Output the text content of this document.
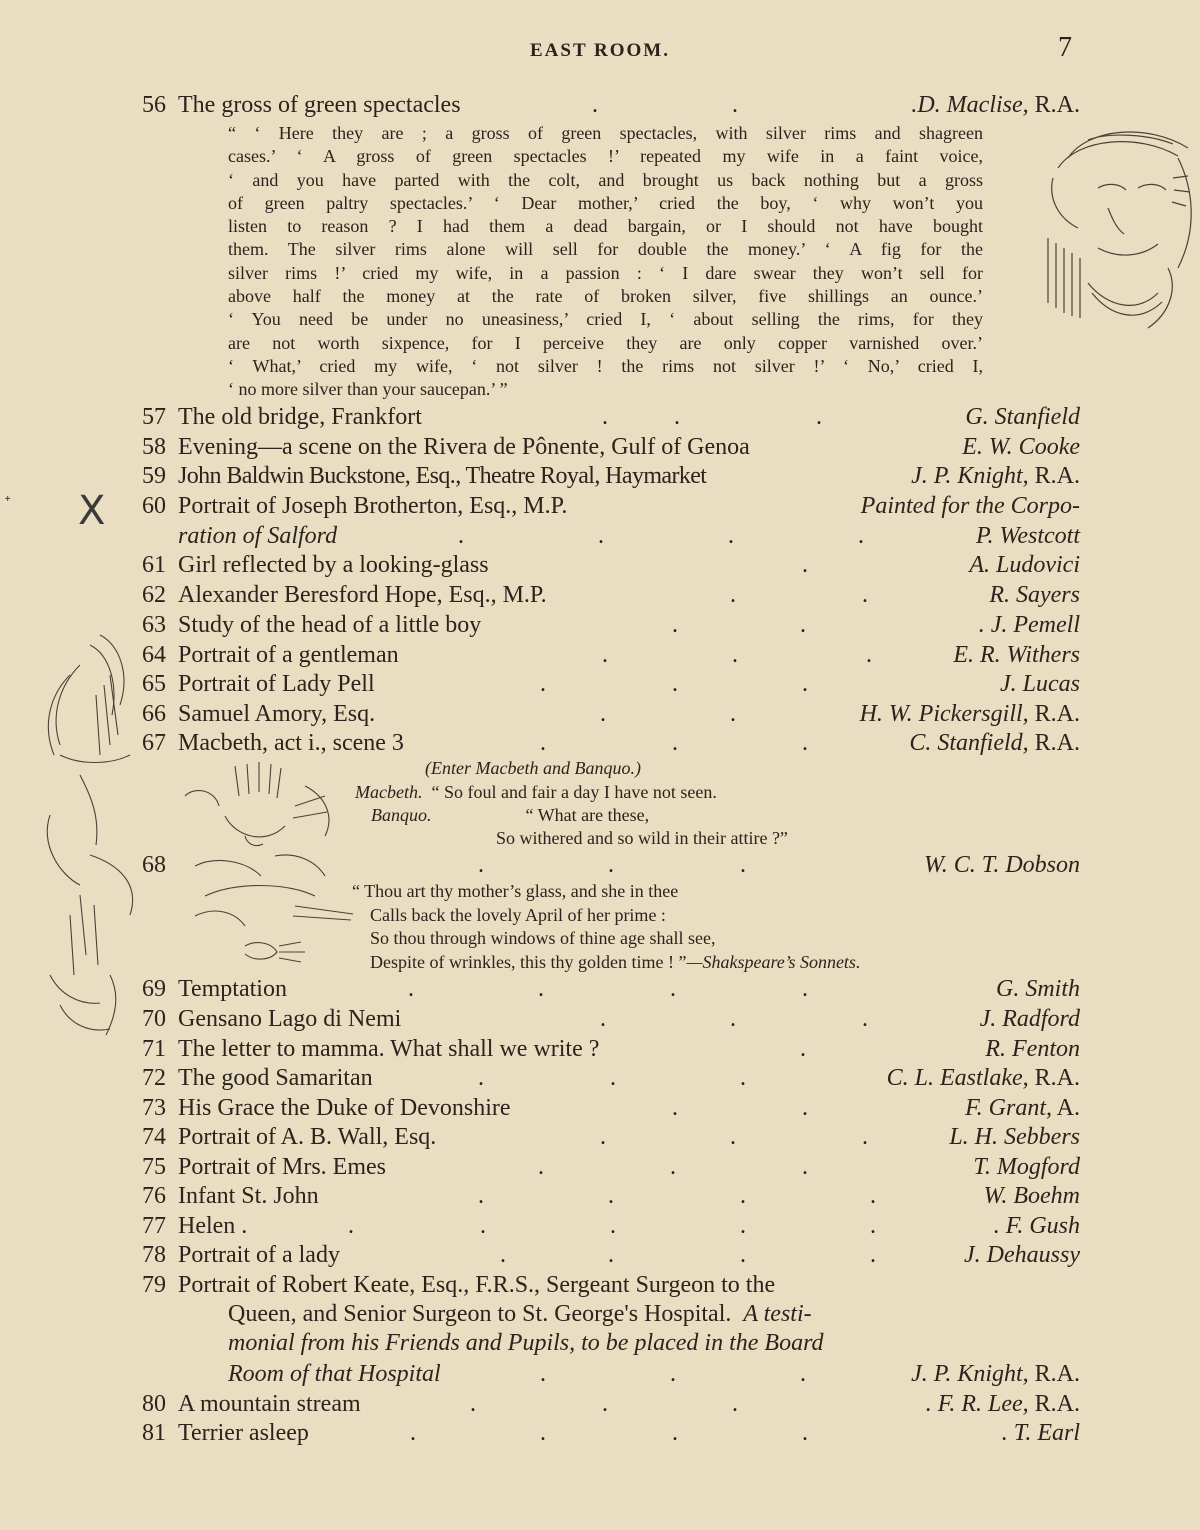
EAST ROOM.	7
56 The gross of green spectacles	.	.	.D. Maclise, R.A.
“ ‘ Here they are ; a gross of green spectacles, with silver rims and shagreen
cases.’ ‘ A gross of green spectacles !’ repeated my wife in a faint voice,
‘ and you have parted with the colt, and brought us back nothing but a gross
of green paltry spectacles.’ ‘ Dear mother,’ cried the boy, ‘ why won’t you
listen to reason ? I had them a dead bargain, or I should not have bought
them. The silver rims alone will sell for double the money.’ ‘ A fig for the
silver rims !’ cried my wife, in a passion : ‘ I dare swear they won’t sell for
above half the money at the rate of broken silver, five shillings an ounce.’
‘ You need be under no uneasiness,’ cried I, ‘ about selling the rims, for they
are not worth sixpence, for I perceive they are only copper varnished over.’
‘ What,’ cried my wife, ‘ not silver ! the rims not silver !’ ‘ No,’ cried I,
‘ no more silver than your saucepan.’ ”
57 The old bridge, Frankfort	.	.	.	G. Stanfield
58 Evening—a scene on the Rivera de Pônente, Gulf of Genoa	E. W. Cooke
59 John Baldwin Buckstone, Esq., Theatre Royal, Haymarket	J. P. Knight, R.A.
60 Portrait of Joseph Brotherton, Esq., M.P.	Painted for the Corpo-
ration of Salford	.	.	.	.	P. Westcott
61 Girl reflected by a looking-glass	.	A. Ludovici
62 Alexander Beresford Hope, Esq., M.P.	.	.	R. Sayers
63 Study of the head of a little boy	.	.	. J. Pemell
64 Portrait of a gentleman	.	.	.	E. R. Withers
65 Portrait of Lady Pell	.	.	.	J. Lucas
66 Samuel Amory, Esq.	.	.	H. W. Pickersgill, R.A.
67 Macbeth, act i., scene 3	.	.	.	C. Stanfield, R.A.
(Enter Macbeth and Banquo.)
Macbeth. “ So foul and fair a day I have not seen.
Banquo.	“ What are these,
So withered and so wild in their attire ?”
68	.	.	.	W. C. T. Dobson
“ Thou art thy mother’s glass, and she in thee
Calls back the lovely April of her prime :
So thou through windows of thine age shall see,
Despite of wrinkles, this thy golden time ! ”—Shakspeare’s Sonnets.
69 Temptation	.	.	.	.	G. Smith
70 Gensano Lago di Nemi	.	.	.	J. Radford
71 The letter to mamma. What shall we write ?	.	R. Fenton
72 The good Samaritan	.	.	.	C. L. Eastlake, R.A.
73 His Grace the Duke of Devonshire	.	.	F. Grant, A.
74 Portrait of A. B. Wall, Esq.	.	.	.	L. H. Sebbers
75 Portrait of Mrs. Emes	.	.	.	T. Mogford
76 Infant St. John	.	.	.	.	W. Boehm
77 Helen .	.	.	.	.	.	. F. Gush
78 Portrait of a lady	.	.	.	.	J. Dehaussy
79 Portrait of Robert Keate, Esq., F.R.S., Sergeant Surgeon to the
Queen, and Senior Surgeon to St. George's Hospital. A testi-
monial from his Friends and Pupils, to be placed in the Board
Room of that Hospital	.	.	.	J. P. Knight, R.A.
80 A mountain stream	.	.	.	. F. R. Lee, R.A.
81 Terrier asleep	.	.	.	.	. T. Earl
X
ᐩ
